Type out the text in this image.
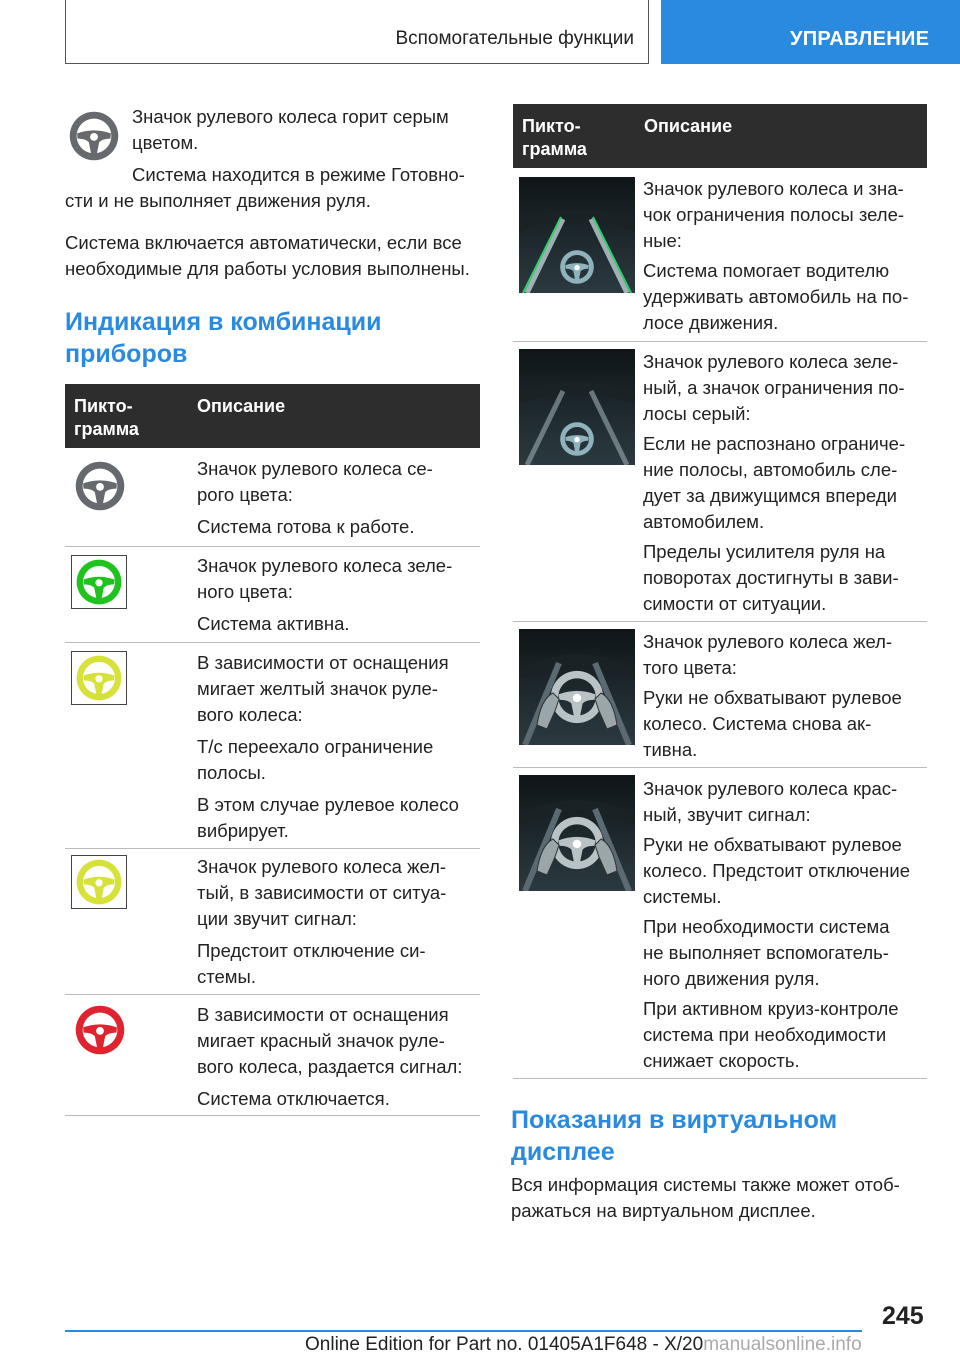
Вспомогательные функции	УПРАВЛЕНИЕ
Значок рулевого колеса горит серым
цветом.
Система находится в режиме Готовно-
сти и не выполняет движения руля.
Система включается автоматически, если все
необходимые для работы условия выполнены.
Индикация в комбинации
приборов
Пикто-
грамма
Описание
Значок рулевого колеса се-
рого цвета:
Система готова к работе.
Значок рулевого колеса зеле-
ного цвета:
Система активна.
В зависимости от оснащения
мигает желтый значок руле-
вого колеса:
Т/с переехало ограничение
полосы.
В этом случае рулевое колесо
вибрирует.
Значок рулевого колеса жел-
тый, в зависимости от ситуа-
ции звучит сигнал:
Предстоит отключение си-
стемы.
В зависимости от оснащения
мигает красный значок руле-
вого колеса, раздается сигнал:
Система отключается.
Пикто-
грамма
Описание
Значок рулевого колеса и зна-
чок ограничения полосы зеле-
ные:
Система помогает водителю
удерживать автомобиль на по-
лосе движения.
Значок рулевого колеса зеле-
ный, а значок ограничения по-
лосы серый:
Если не распознано ограниче-
ние полосы, автомобиль сле-
дует за движущимся впереди
автомобилем.
Пределы усилителя руля на
поворотах достигнуты в зави-
симости от ситуации.
Значок рулевого колеса жел-
того цвета:
Руки не обхватывают рулевое
колесо. Система снова ак-
тивна.
Значок рулевого колеса крас-
ный, звучит сигнал:
Руки не обхватывают рулевое
колесо. Предстоит отключение
системы.
При необходимости система
не выполняет вспомогатель-
ного движения руля.
При активном круиз-контроле
система при необходимости
снижает скорость.
Показания в виртуальном
дисплее
Вся информация системы также может отоб-
ражаться на виртуальном дисплее.
245
Online Edition for Part no. 01405A1F648 - X/20manualsonline.info
